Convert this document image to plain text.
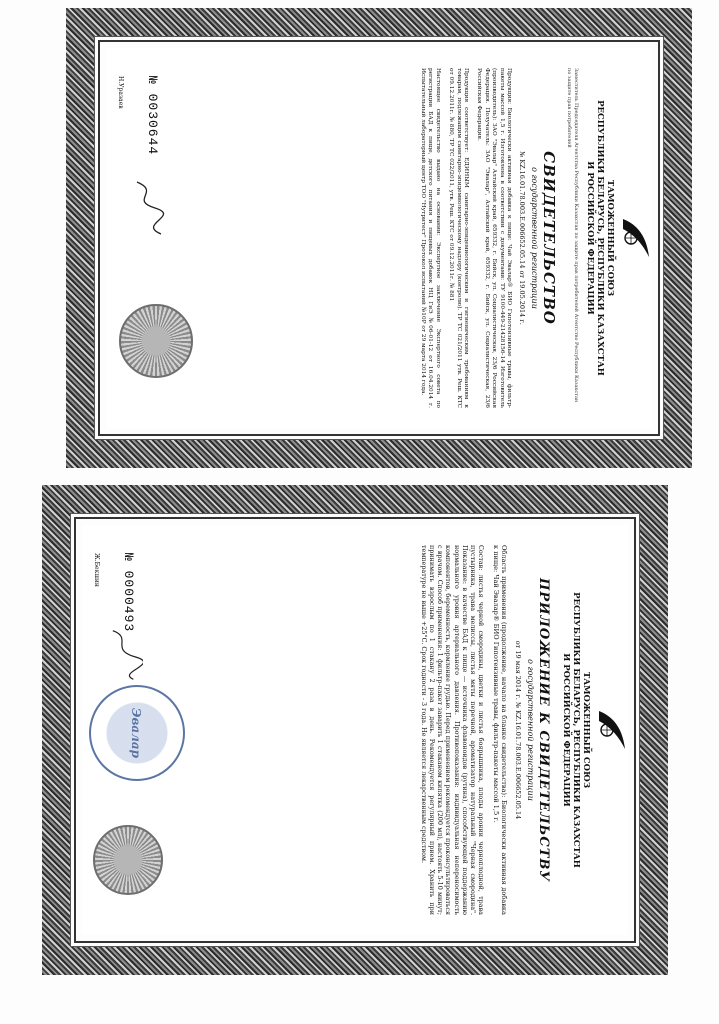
ТАМОЖЕННЫЙ СОЮЗ
РЕСПУБЛИКИ БЕЛАРУСЬ, РЕСПУБЛИКИ КАЗАХСТАН
И РОССИЙСКОЙ ФЕДЕРАЦИИ
Заместитель Председателя Агентства Республики Казахстан по защите прав потребителей Агентство Республики Казахстан по защите прав потребителей
СВИДЕТЕЛЬСТВО
о государственной регистрации
№ KZ.16.01.78.003.E.006652.05.14 от 19.05.2014 г.
Продукция: Биологически активная добавка к пище: Чай Эвалар® БИО Гипотензивные травы, фильтр-пакеты массой 1,5 г. Изготовлена в соответствии с документами: ТУ 9100-449-21428156-14 Изготовитель (производитель): ЗАО "Эвалар" Алтайский край, 659332, г. Бийск, ул. Социалистическая, 23/6 Российская Федерация. Получатель: ЗАО "Эвалар", Алтайский край, 659332, г. Бийск, ул. Социалистическая, 23/6 Российская Федерация.
Продукция соответствует: ЕДИНЫМ санитарно-эпидемиологическим и гигиеническим требованиям к товарам, подлежащим санитарно-эпидемиологическому надзору (контролю). ТР ТС 021/2011 утв. Реш. КТС от 09.12.2011г. № 880, ТР ТС 022/2011, утв. Реш. КТС от 09.12.2011г. № 881
Настоящее свидетельство выдано на основании: Экспертное заключение Экспертного совета по регистрации БАД к пище, детского питания и пищевых добавок НЦ ГиЭ №06-01-12 от 16.04.2014 г. Испытательный лабораторный центр ТОО "Нутритест" Протокол испытаний №10P от 29 марта 2014 года.
№ 0030644
Н.Уразаев
ТАМОЖЕННЫЙ СОЮЗ
РЕСПУБЛИКИ БЕЛАРУСЬ, РЕСПУБЛИКИ КАЗАХСТАН
И РОССИЙСКОЙ ФЕДЕРАЦИИ
ПРИЛОЖЕНИЕ К СВИДЕТЕЛЬСТВУ
о государственной регистрации
от 19 мая 2014 г. № KZ.16.01.78.003.E.006652.05.14
Область применения (продолжение, начало на бланке свидетельства): Биологически активная добавка к пище: Чай Эвалар® БИО Гипотензивные травы, фильтр-пакеты массой 1,5 г.
Состав: листья черной смородины, цветки и листья боярышника, плоды аронии черноплодной, трава пустырника, трава мелиссы, листья мяты перечной, ароматизатор натуральный "Черная смородина". Показание: в качестве БАД к пище — источника флавоноидов (рутина), способствующей поддержанию нормального уровня артериального давления. Противопоказания: индивидуальная непереносимость компонентов, беременность, кормление грудью. Перед применением рекомендуется проконсультироваться с врачом. Способ применения: 1 фильтр-пакет заварить 1 стаканом кипятка (200 мл), настоять 5-10 минут; принимать взрослым по 1 стакану 2 раза в день. Рекомендуется регулярный прием. Хранить при температуре не выше +25°C. Срок годности - 3 года. Не является лекарственным средством.
Эвалар
№ 0000493
Ж.Бекшин
